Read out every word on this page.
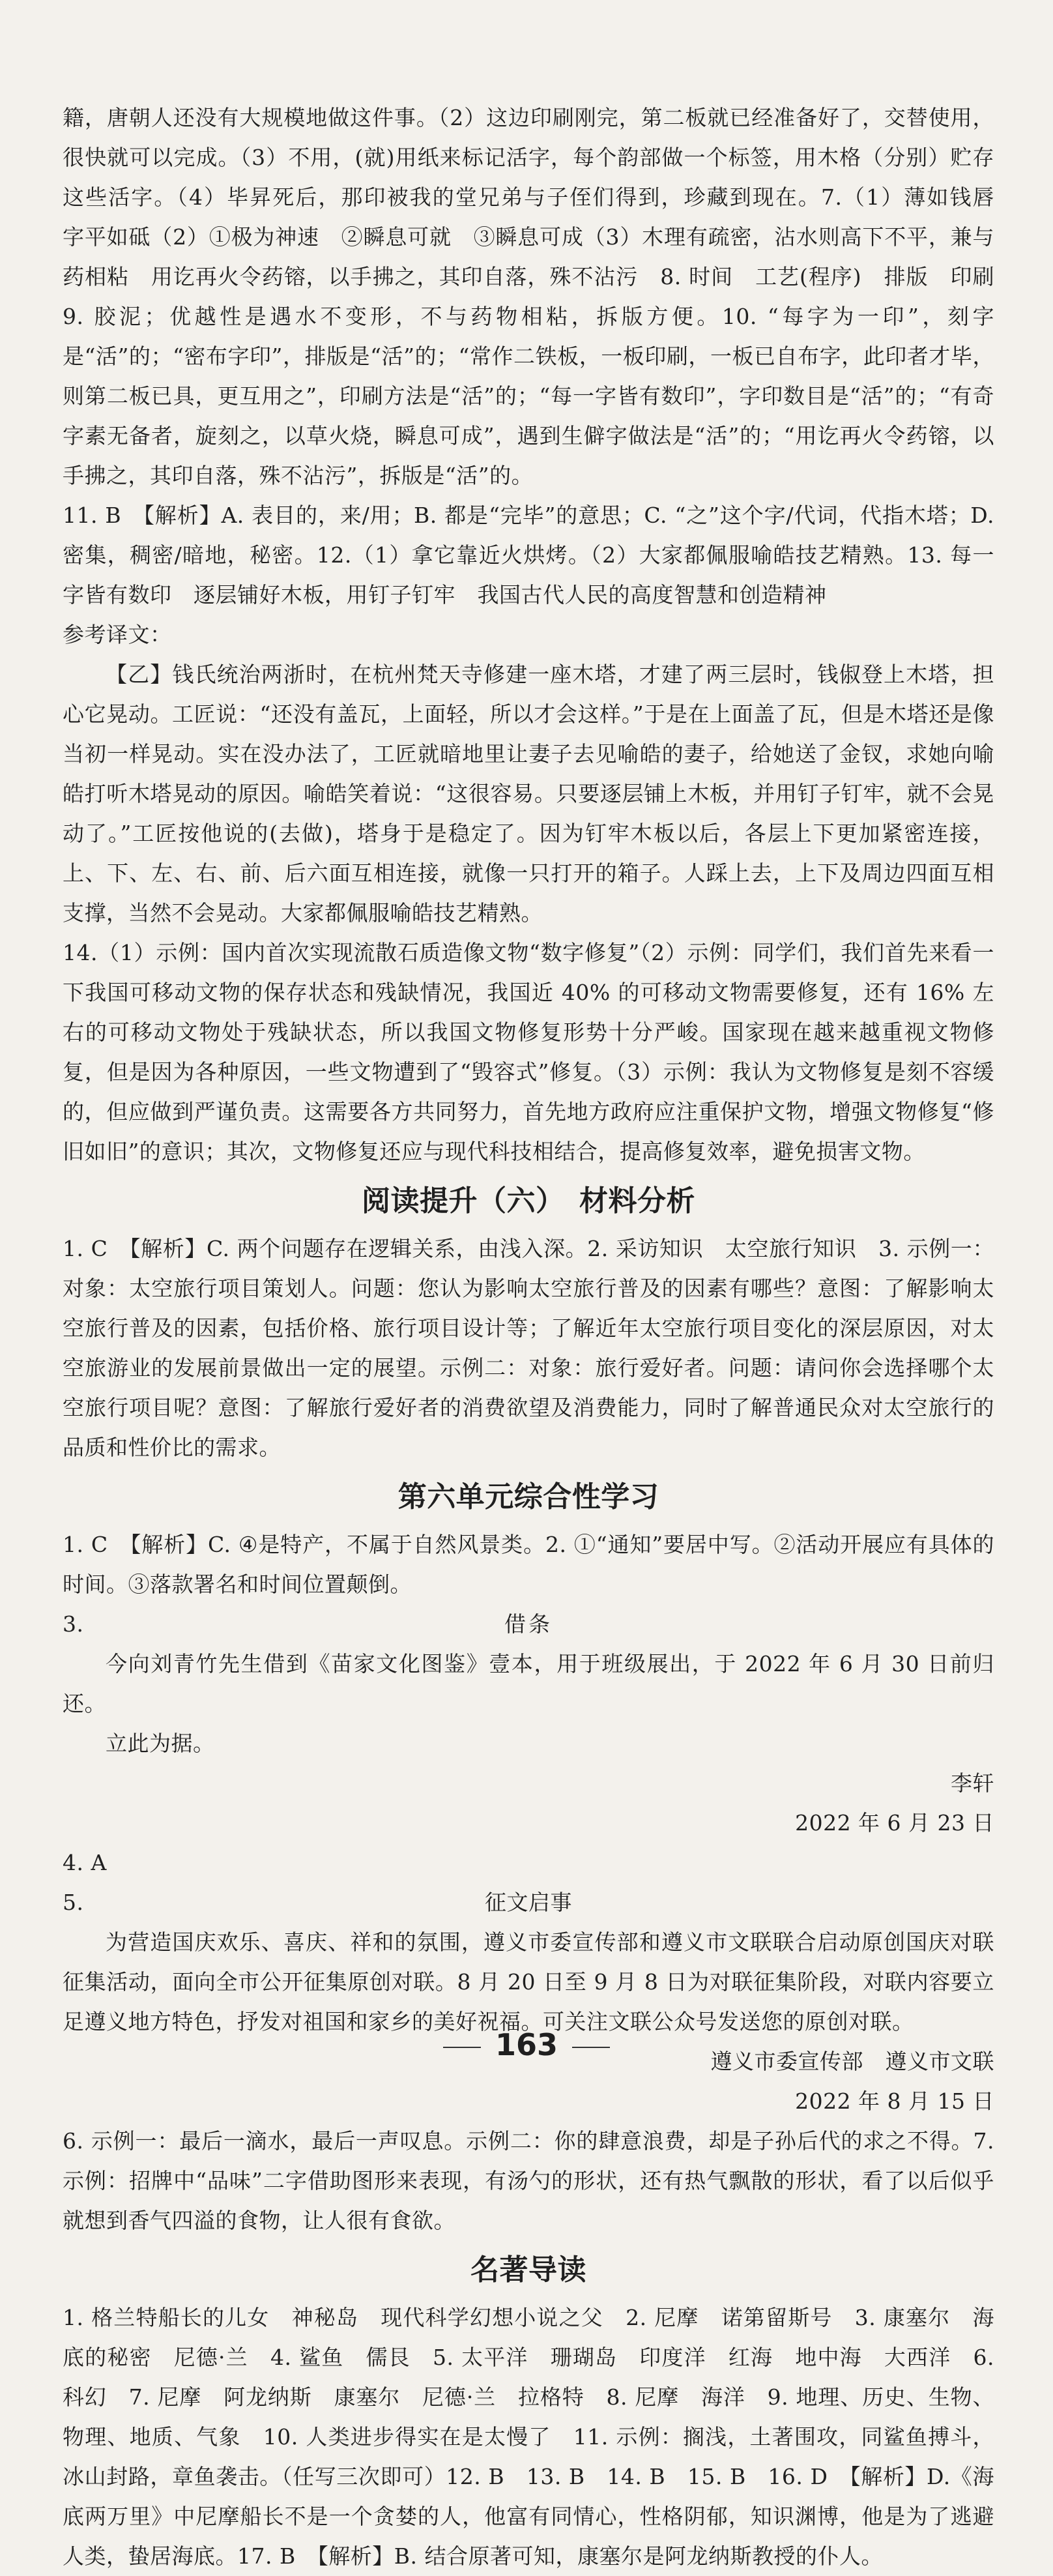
籍，唐朝人还没有大规模地做这件事。（2）这边印刷刚完，第二板就已经准备好了，交替使用，很快就可以完成。（3）不用，(就)用纸来标记活字，每个韵部做一个标签，用木格（分别）贮存这些活字。（4）毕昇死后，那印被我的堂兄弟与子侄们得到，珍藏到现在。7.（1）薄如钱唇　字平如砥（2）①极为神速　②瞬息可就　③瞬息可成（3）木理有疏密，沾水则高下不平，兼与药相粘　用讫再火令药镕，以手拂之，其印自落，殊不沾污　8. 时间　工艺(程序)　排版　印刷　9. 胶泥；优越性是遇水不变形，不与药物相粘，拆版方便。10. “每字为一印”，刻字是“活”的；“密布字印”，排版是“活”的；“常作二铁板，一板印刷，一板已自布字，此印者才毕，则第二板已具，更互用之”，印刷方法是“活”的；“每一字皆有数印”，字印数目是“活”的；“有奇字素无备者，旋刻之，以草火烧，瞬息可成”，遇到生僻字做法是“活”的；“用讫再火令药镕，以手拂之，其印自落，殊不沾污”，拆版是“活”的。

11. B　【解析】A. 表目的，来/用；B. 都是“完毕”的意思；C. “之”这个字/代词，代指木塔；D. 密集，稠密/暗地，秘密。12.（1）拿它靠近火烘烤。（2）大家都佩服喻皓技艺精熟。13. 每一字皆有数印　逐层铺好木板，用钉子钉牢　我国古代人民的高度智慧和创造精神

参考译文：

【乙】钱氏统治两浙时，在杭州梵天寺修建一座木塔，才建了两三层时，钱俶登上木塔，担心它晃动。工匠说：“还没有盖瓦，上面轻，所以才会这样。”于是在上面盖了瓦，但是木塔还是像当初一样晃动。实在没办法了，工匠就暗地里让妻子去见喻皓的妻子，给她送了金钗，求她向喻皓打听木塔晃动的原因。喻皓笑着说：“这很容易。只要逐层铺上木板，并用钉子钉牢，就不会晃动了。”工匠按他说的(去做)，塔身于是稳定了。因为钉牢木板以后，各层上下更加紧密连接，上、下、左、右、前、后六面互相连接，就像一只打开的箱子。人踩上去，上下及周边四面互相支撑，当然不会晃动。大家都佩服喻皓技艺精熟。

14.（1）示例：国内首次实现流散石质造像文物“数字修复”（2）示例：同学们，我们首先来看一下我国可移动文物的保存状态和残缺情况，我国近 40% 的可移动文物需要修复，还有 16% 左右的可移动文物处于残缺状态，所以我国文物修复形势十分严峻。国家现在越来越重视文物修复，但是因为各种原因，一些文物遭到了“毁容式”修复。（3）示例：我认为文物修复是刻不容缓的，但应做到严谨负责。这需要各方共同努力，首先地方政府应注重保护文物，增强文物修复“修旧如旧”的意识；其次，文物修复还应与现代科技相结合，提高修复效率，避免损害文物。

阅读提升（六）　材料分析

1. C　【解析】C. 两个问题存在逻辑关系，由浅入深。2. 采访知识　太空旅行知识　3. 示例一：对象：太空旅行项目策划人。问题：您认为影响太空旅行普及的因素有哪些？意图：了解影响太空旅行普及的因素，包括价格、旅行项目设计等；了解近年太空旅行项目变化的深层原因，对太空旅游业的发展前景做出一定的展望。示例二：对象：旅行爱好者。问题：请问你会选择哪个太空旅行项目呢？意图：了解旅行爱好者的消费欲望及消费能力，同时了解普通民众对太空旅行的品质和性价比的需求。

第六单元综合性学习

1. C　【解析】C. ④是特产，不属于自然风景类。2. ①“通知”要居中写。②活动开展应有具体的时间。③落款署名和时间位置颠倒。

3.	借条

今向刘青竹先生借到《苗家文化图鉴》壹本，用于班级展出，于 2022 年 6 月 30 日前归还。

立此为据。

李轩

2022 年 6 月 23 日

4. A

5.	征文启事

为营造国庆欢乐、喜庆、祥和的氛围，遵义市委宣传部和遵义市文联联合启动原创国庆对联征集活动，面向全市公开征集原创对联。8 月 20 日至 9 月 8 日为对联征集阶段，对联内容要立足遵义地方特色，抒发对祖国和家乡的美好祝福。可关注文联公众号发送您的原创对联。

遵义市委宣传部　遵义市文联

2022 年 8 月 15 日

6. 示例一：最后一滴水，最后一声叹息。示例二：你的肆意浪费，却是子孙后代的求之不得。7. 示例：招牌中“品味”二字借助图形来表现，有汤勺的形状，还有热气飘散的形状，看了以后似乎就想到香气四溢的食物，让人很有食欲。

名著导读

1. 格兰特船长的儿女　神秘岛　现代科学幻想小说之父　2. 尼摩　诺第留斯号　3. 康塞尔　海底的秘密　尼德·兰　4. 鲨鱼　儒艮　5. 太平洋　珊瑚岛　印度洋　红海　地中海　大西洋　6. 科幻　7. 尼摩　阿龙纳斯　康塞尔　尼德·兰　拉格特　8. 尼摩　海洋　9. 地理、历史、生物、物理、地质、气象　10. 人类进步得实在是太慢了　11. 示例：搁浅，土著围攻，同鲨鱼搏斗，冰山封路，章鱼袭击。（任写三次即可）12. B　13. B　14. B　15. B　16. D　【解析】D.《海底两万里》中尼摩船长不是一个贪婪的人，他富有同情心，性格阴郁，知识渊博，他是为了逃避人类，蛰居海底。17. B　【解析】B. 结合原著可知，康塞尔是阿龙纳斯教授的仆人。

163
